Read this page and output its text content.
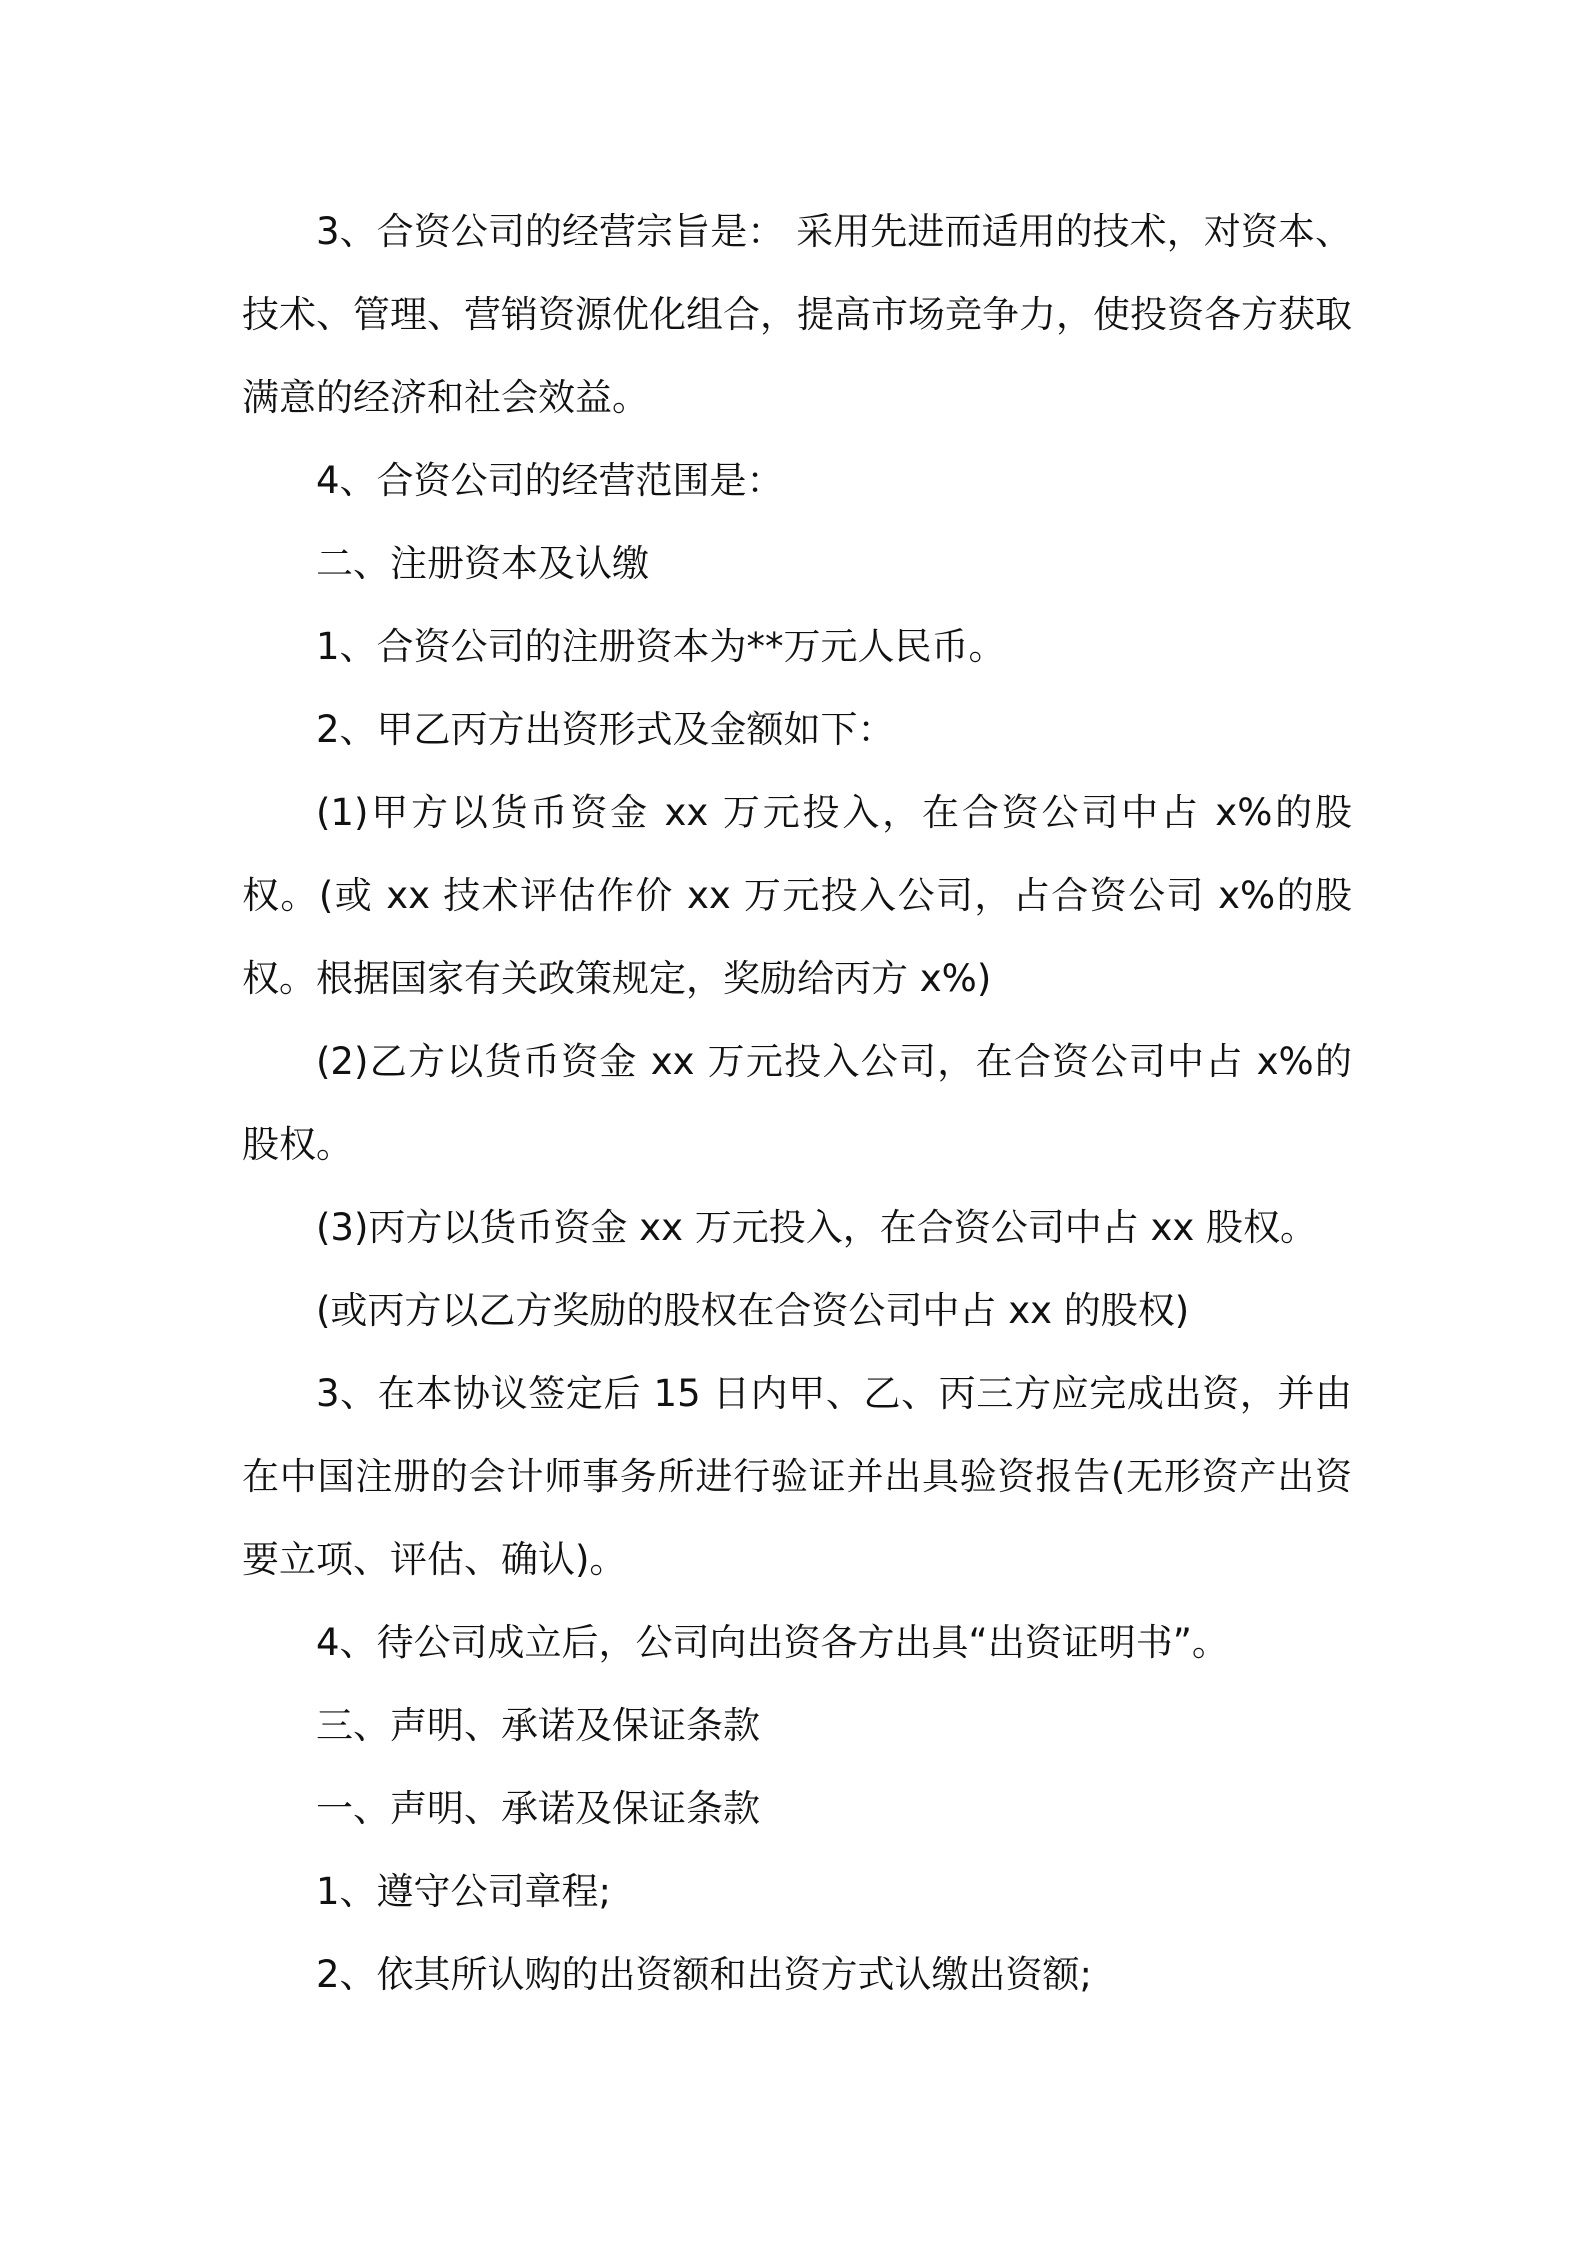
3、合资公司的经营宗旨是： 采用先进而适用的技术，对资本、技术、管理、营销资源优化组合，提高市场竞争力，使投资各方获取满意的经济和社会效益。

4、合资公司的经营范围是：

二、注册资本及认缴

1、合资公司的注册资本为**万元人民币。

2、甲乙丙方出资形式及金额如下：

(1)甲方以货币资金 xx 万元投入，在合资公司中占 x%的股权。(或 xx 技术评估作价 xx 万元投入公司，占合资公司 x%的股权。根据国家有关政策规定，奖励给丙方 x%)

(2)乙方以货币资金 xx 万元投入公司，在合资公司中占 x%的股权。

(3)丙方以货币资金 xx 万元投入，在合资公司中占 xx 股权。

(或丙方以乙方奖励的股权在合资公司中占 xx 的股权)

3、在本协议签定后 15 日内甲、乙、丙三方应完成出资，并由在中国注册的会计师事务所进行验证并出具验资报告(无形资产出资要立项、评估、确认)。

4、待公司成立后，公司向出资各方出具“出资证明书”。

三、声明、承诺及保证条款

一、声明、承诺及保证条款

1、遵守公司章程;

2、依其所认购的出资额和出资方式认缴出资额;
